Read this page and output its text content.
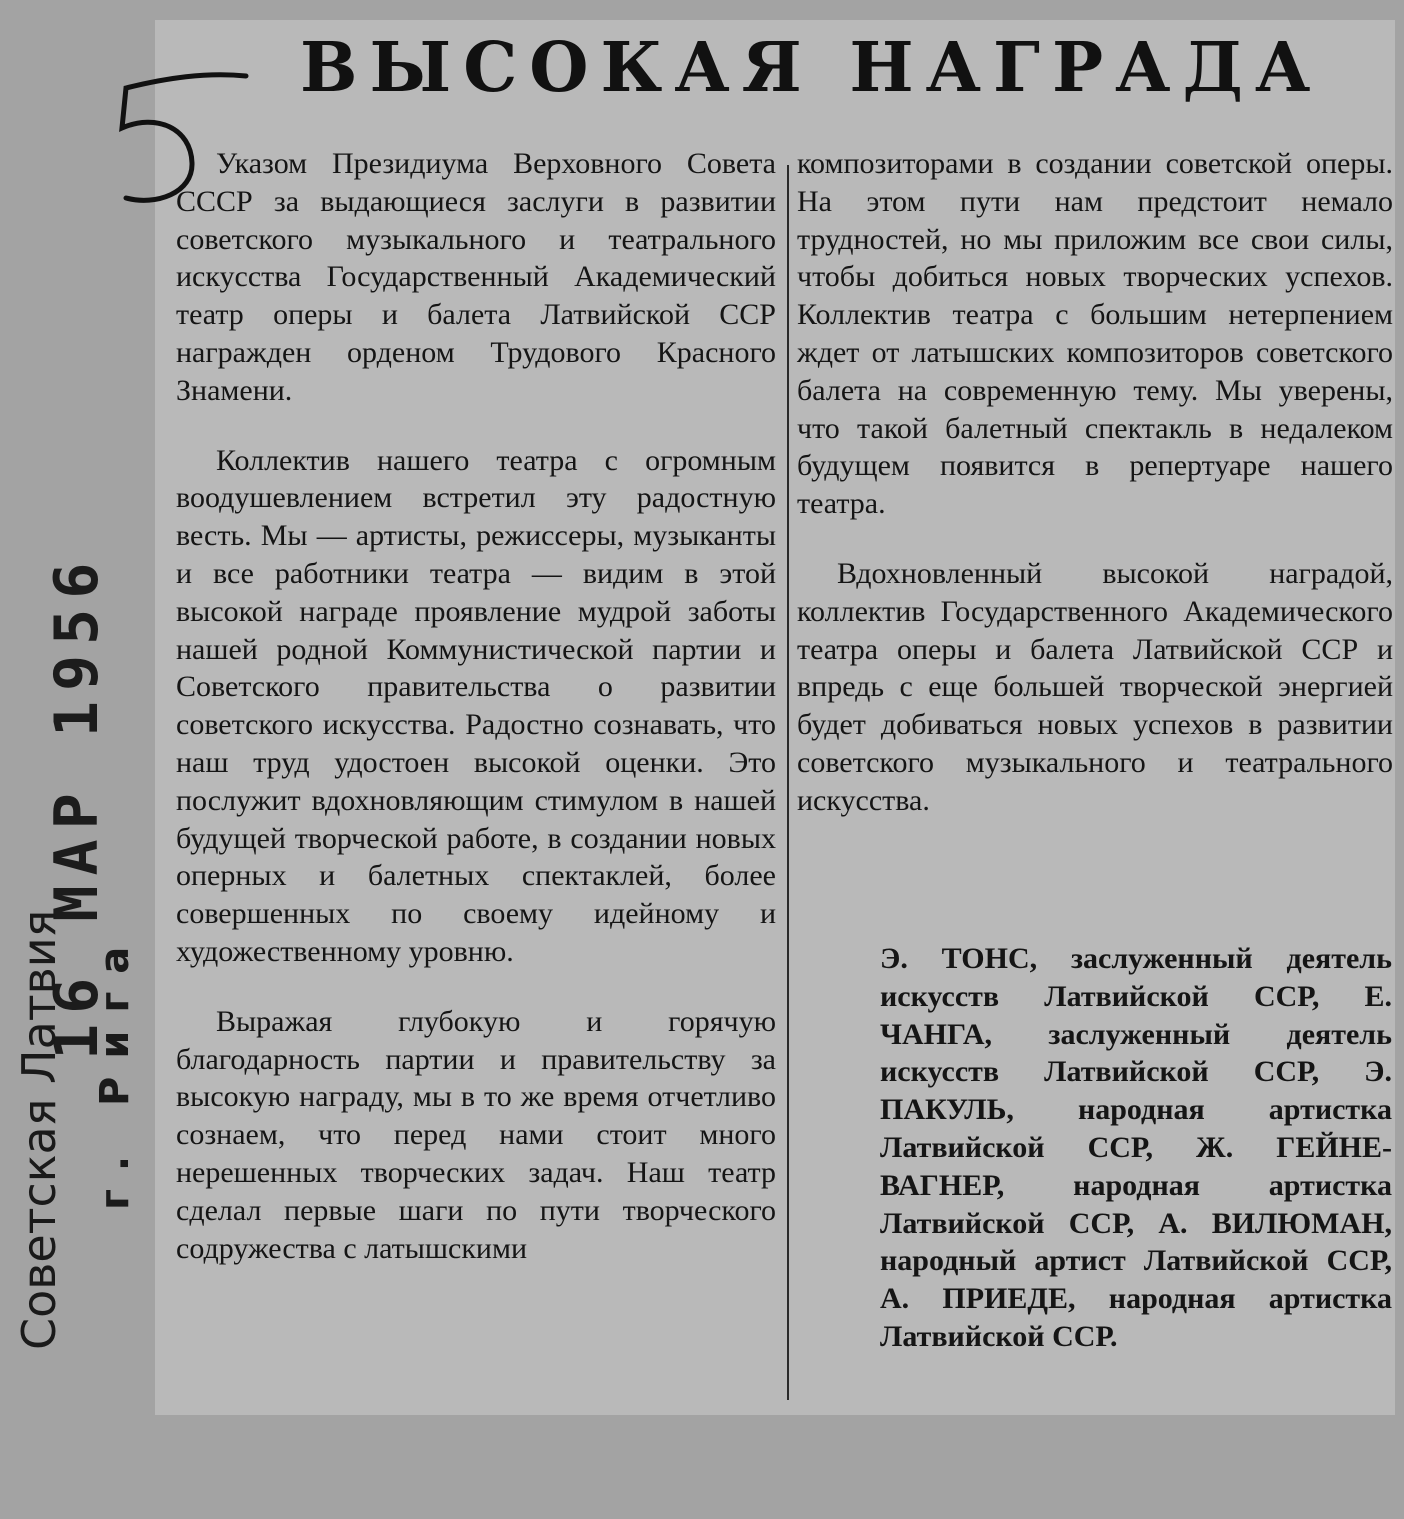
16 МАР 1956
Советская Латвия г. Рига
ВЫСОКАЯ НАГРАДА

Указом Президиума Верховного Совета СССР за выдающиеся заслуги в развитии советского музыкального и театрального искусства Государственный Академический театр оперы и балета Латвийской ССР награжден орденом Трудового Красного Знамени.

Коллектив нашего театра с огромным воодушевлением встретил эту радостную весть. Мы — артисты, режиссеры, музыканты и все работники театра — видим в этой высокой награде проявление мудрой заботы нашей родной Коммунистической партии и Советского правительства о развитии советского искусства. Радостно сознавать, что наш труд удостоен высокой оценки. Это послужит вдохновляющим стимулом в нашей будущей творческой работе, в создании новых оперных и балетных спектаклей, более совершенных по своему идейному и художественному уровню.

Выражая глубокую и горячую благодарность партии и правительству за высокую награду, мы в то же время отчетливо сознаем, что перед нами стоит много нерешенных творческих задач. Наш театр сделал первые шаги по пути творческого содружества с латышскими

композиторами в создании советской оперы. На этом пути нам предстоит немало трудностей, но мы приложим все свои силы, чтобы добиться новых творческих успехов. Коллектив театра с большим нетерпением ждет от латышских композиторов советского балета на современную тему. Мы уверены, что такой балетный спектакль в недалеком будущем появится в репертуаре нашего театра.

Вдохновленный высокой наградой, коллектив Государственного Академического театра оперы и балета Латвийской ССР и впредь с еще большей творческой энергией будет добиваться новых успехов в развитии советского музыкального и театрального искусства.

Э. ТОНС, заслуженный деятель искусств Латвийской ССР, Е. ЧАНГА, заслуженный деятель искусств Латвийской ССР, Э. ПАКУЛЬ, народная артистка Латвийской ССР, Ж. ГЕЙНЕ-ВАГНЕР, народная артистка Латвийской ССР, А. ВИЛЮМАН, народный артист Латвийской ССР, А. ПРИЕДЕ, народная артистка Латвийской ССР.
